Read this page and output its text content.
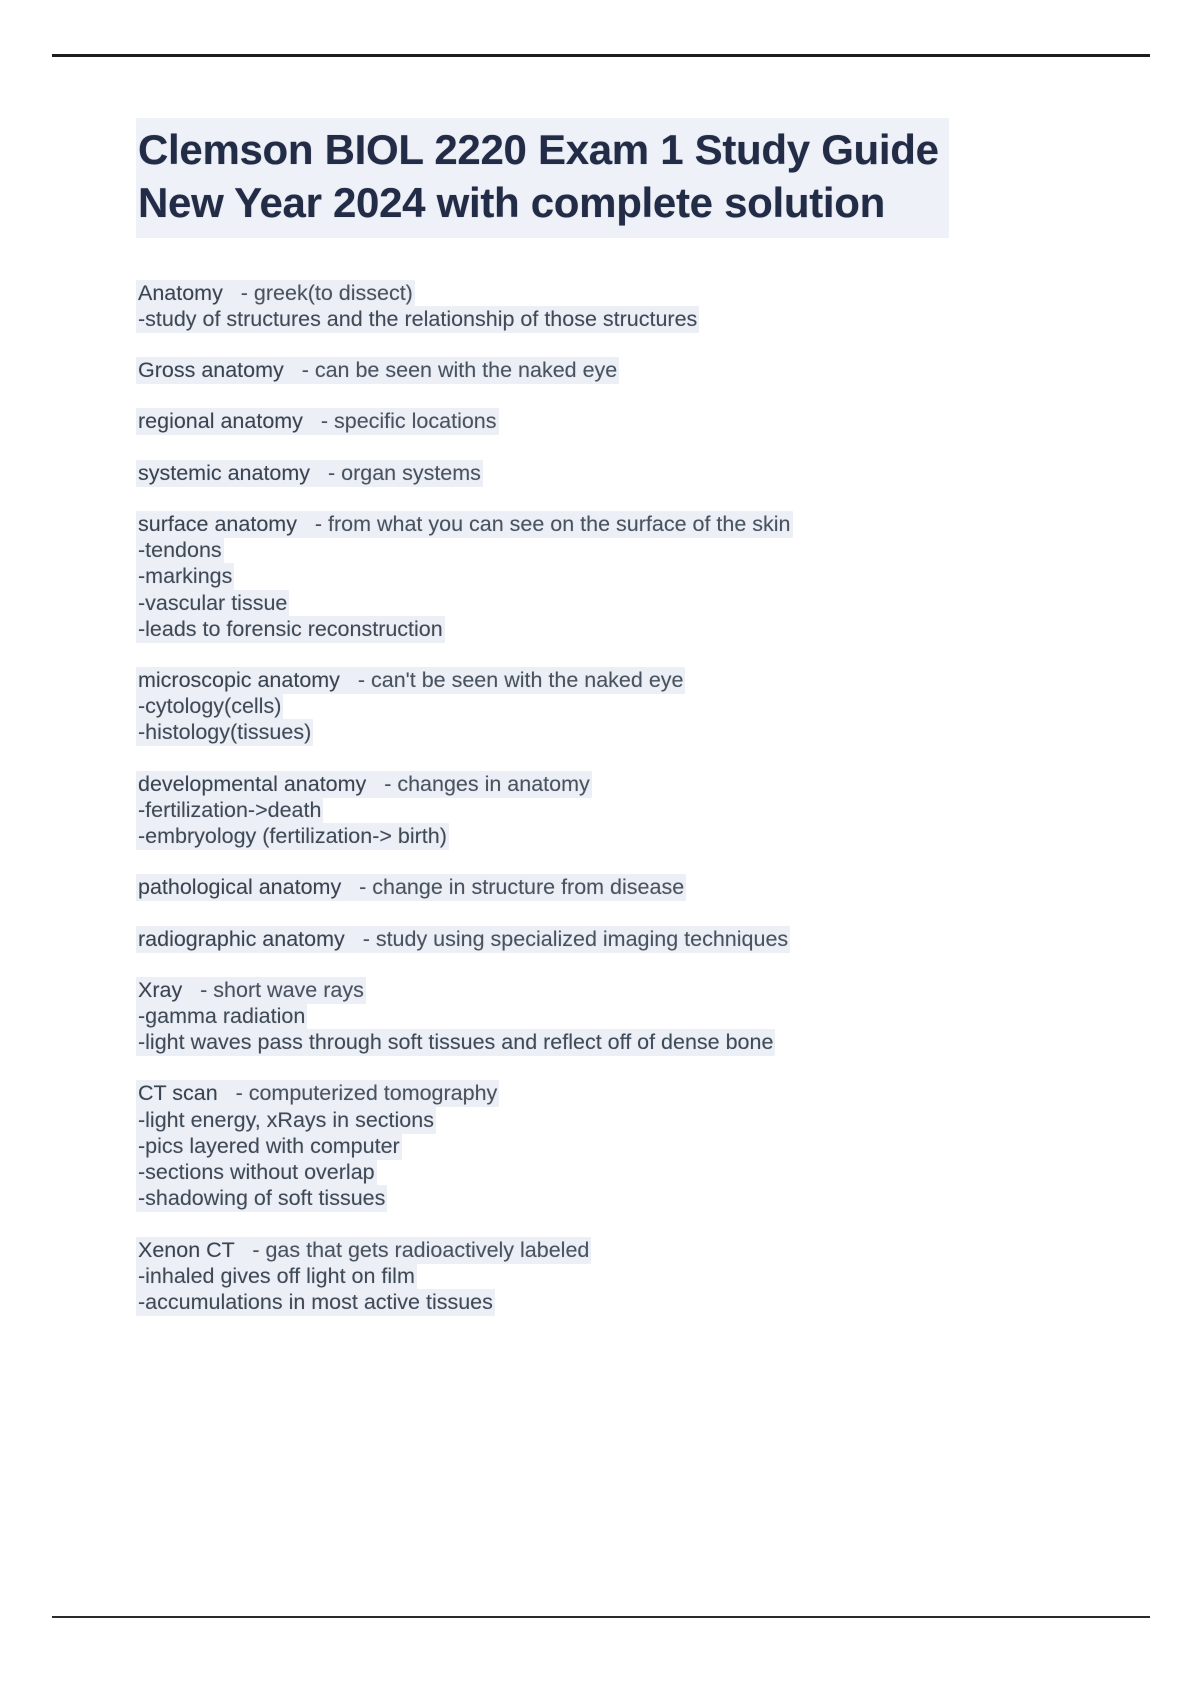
Clemson BIOL 2220 Exam 1 Study Guide
New Year 2024 with complete solution
Anatomy - greek(to dissect)
-study of structures and the relationship of those structures
Gross anatomy - can be seen with the naked eye
regional anatomy - specific locations
systemic anatomy - organ systems
surface anatomy - from what you can see on the surface of the skin
-tendons
-markings
-vascular tissue
-leads to forensic reconstruction
microscopic anatomy - can't be seen with the naked eye
-cytology(cells)
-histology(tissues)
developmental anatomy - changes in anatomy
-fertilization->death
-embryology (fertilization-> birth)
pathological anatomy - change in structure from disease
radiographic anatomy - study using specialized imaging techniques
Xray - short wave rays
-gamma radiation
-light waves pass through soft tissues and reflect off of dense bone
CT scan - computerized tomography
-light energy, xRays in sections
-pics layered with computer
-sections without overlap
-shadowing of soft tissues
Xenon CT - gas that gets radioactively labeled
-inhaled gives off light on film
-accumulations in most active tissues
